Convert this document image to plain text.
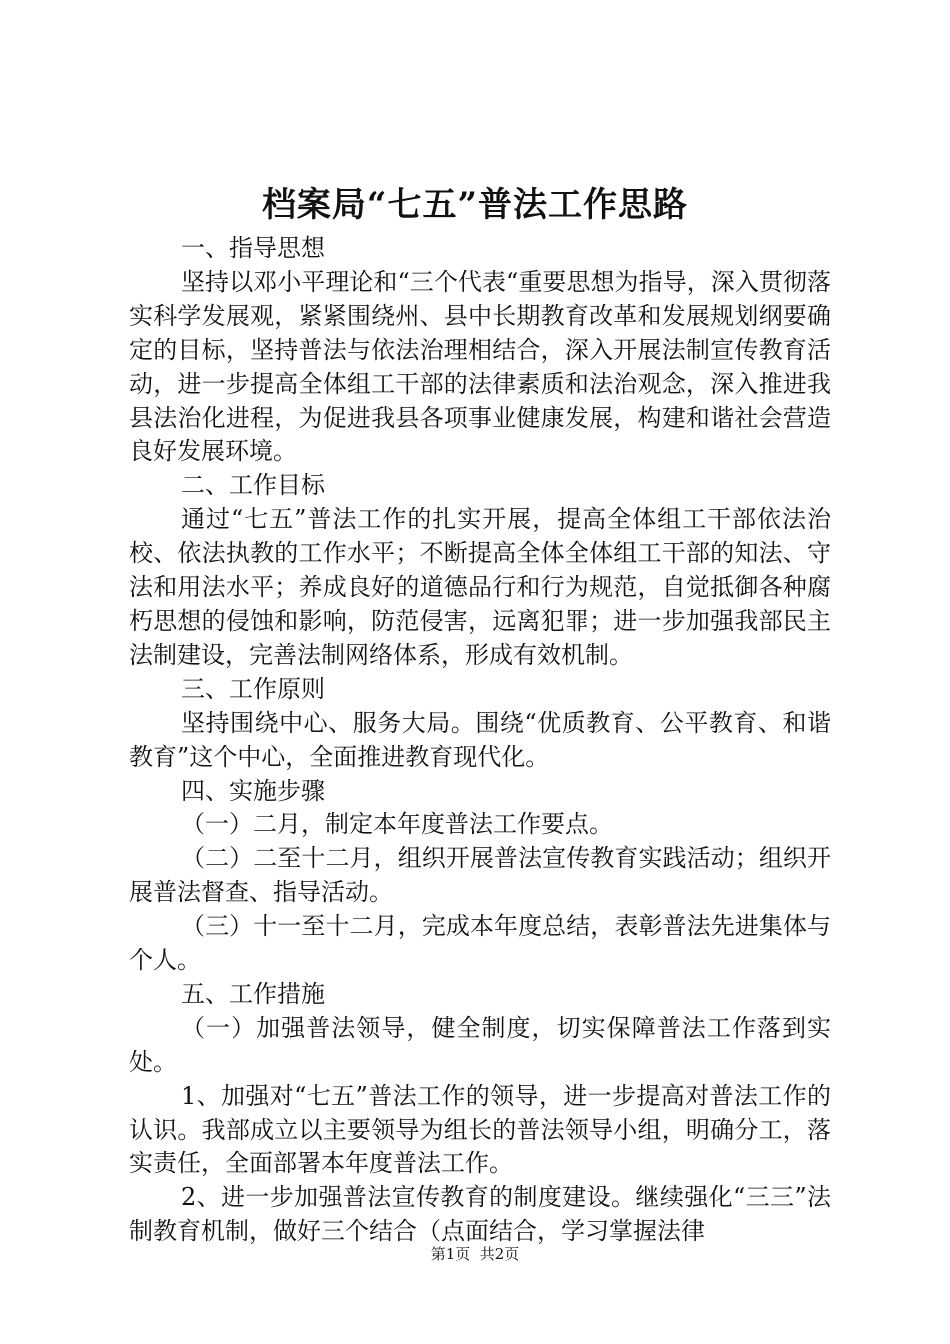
档案局“七五”普法工作思路

一、指导思想

坚持以邓小平理论和“三个代表“重要思想为指导，深入贯彻落实科学发展观，紧紧围绕州、县中长期教育改革和发展规划纲要确定的目标，坚持普法与依法治理相结合，深入开展法制宣传教育活动，进一步提高全体组工干部的法律素质和法治观念，深入推进我县法治化进程，为促进我县各项事业健康发展，构建和谐社会营造良好发展环境。

二、工作目标

通过“七五”普法工作的扎实开展，提高全体组工干部依法治校、依法执教的工作水平；不断提高全体全体组工干部的知法、守法和用法水平；养成良好的道德品行和行为规范，自觉抵御各种腐朽思想的侵蚀和影响，防范侵害，远离犯罪；进一步加强我部民主法制建设，完善法制网络体系，形成有效机制。

三、工作原则

坚持围绕中心、服务大局。围绕“优质教育、公平教育、和谐教育”这个中心，全面推进教育现代化。

四、实施步骤

（一）二月，制定本年度普法工作要点。

（二）二至十二月，组织开展普法宣传教育实践活动；组织开展普法督查、指导活动。

（三）十一至十二月，完成本年度总结，表彰普法先进集体与个人。

五、工作措施

（一）加强普法领导，健全制度，切实保障普法工作落到实处。

1、加强对“七五”普法工作的领导，进一步提高对普法工作的认识。我部成立以主要领导为组长的普法领导小组，明确分工，落实责任，全面部署本年度普法工作。

2、进一步加强普法宣传教育的制度建设。继续强化“三三”法制教育机制，做好三个结合（点面结合，学习掌握法律

第1页  共2页
